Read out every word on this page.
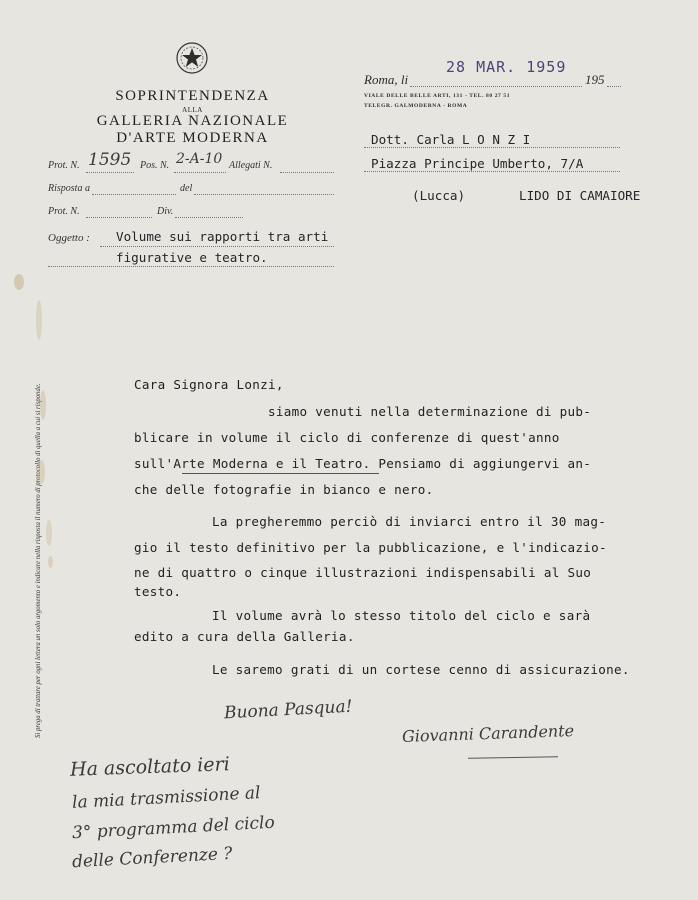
SOPRINTENDENZA
ALLA
GALLERIA NAZIONALE
D'ARTE MODERNA
Prot. N. 1595 Pos. N. 2-A-10 Allegati N.
Risposta a	del
Prot. N.	Div.
Oggetto : Volume sui rapporti tra arti
figurative e teatro.
Roma, li
28 MAR. 1959
195
VIALE DELLE BELLE ARTI, 131 - TEL. 80 27 51
TELEGR. GALMODERNA - ROMA
Dott. Carla L O N Z I
Piazza Principe Umberto, 7/A
(Lucca)	LIDO DI CAMAIORE
Si prega di trattare per ogni lettera un solo argomento e indicare nella risposta il numero di protocollo di quella a cui si risponde.	Cara Signora Lonzi,
siamo venuti nella determinazione di pub-
blicare in volume il ciclo di conferenze di quest'anno
sull'Arte Moderna e il Teatro. Pensiamo di aggiungervi an-
che delle fotografie in bianco e nero.
La pregheremmo perciò di inviarci entro il 30 mag-
gio il testo definitivo per la pubblicazione, e l'indicazio-
ne di quattro o cinque illustrazioni indispensabili al Suo
testo.
Il volume avrà lo stesso titolo del ciclo e sarà
edito a cura della Galleria.
Le saremo grati di un cortese cenno di assicurazione.
Buona Pasqua!
Giovanni Carandente
Ha ascoltato ieri
la mia trasmissione al
3° programma del ciclo
delle Conferenze ?
